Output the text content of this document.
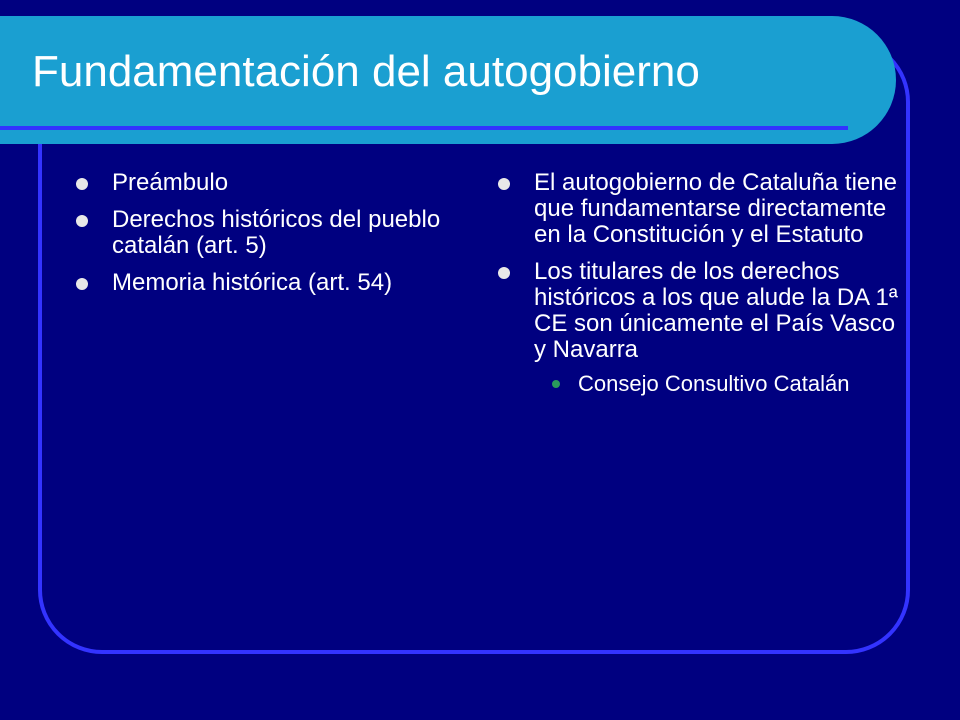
Fundamentación del autogobierno
Preámbulo
Derechos históricos del pueblo catalán (art. 5)
Memoria histórica (art. 54)
El autogobierno de Cataluña tiene que fundamentarse directamente en la Constitución y el Estatuto
Los titulares de los derechos históricos a los que alude la DA 1ª CE son únicamente el País Vasco y Navarra
Consejo Consultivo Catalán
